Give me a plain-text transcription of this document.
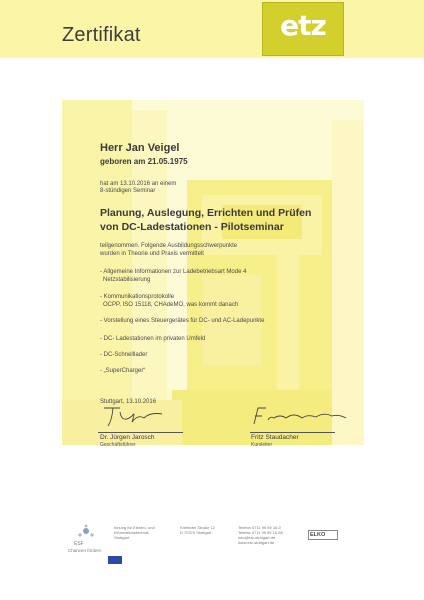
Zertifikat	etz
Herr Jan Veigel
geboren am 21.05.1975
hat am 13.10.2016 an einem
8-stündigen Seminar
Planung, Auslegung, Errichten und Prüfen
von DC-Ladestationen - Pilotseminar
teilgenommen. Folgende Ausbildungsschwerpunkte
wurden in Theorie und Praxis vermittelt
- Allgemeine Informationen zur Ladebetriebsart Mode 4
Netzstabilisierung
- Kommunikationsprotokolle
OCPP, ISO 15118, CHAdeMO, was kommt danach
- Vorstellung eines Steuergerätes für DC- und AC-Ladepunkte
- DC- Ladestationen im privaten Umfeld
- DC-Schnelllader
- „SuperCharger“
Stuttgart, 13.10.2016
Dr. Jürgen Jarosch
Geschäftsführer
Fritz Staudacher
Kursleiter
ESF
Chancen fördern
Innung für Elektro- und
Informationstechnik
Stuttgart
Krefelder Straße 12
D 70376 Stuttgart
Telefon 0711 95 59 16-0
Telefax 0711 95 59 16-55
info@etz-stuttgart.de
www.etz-stuttgart.de
ELKO
